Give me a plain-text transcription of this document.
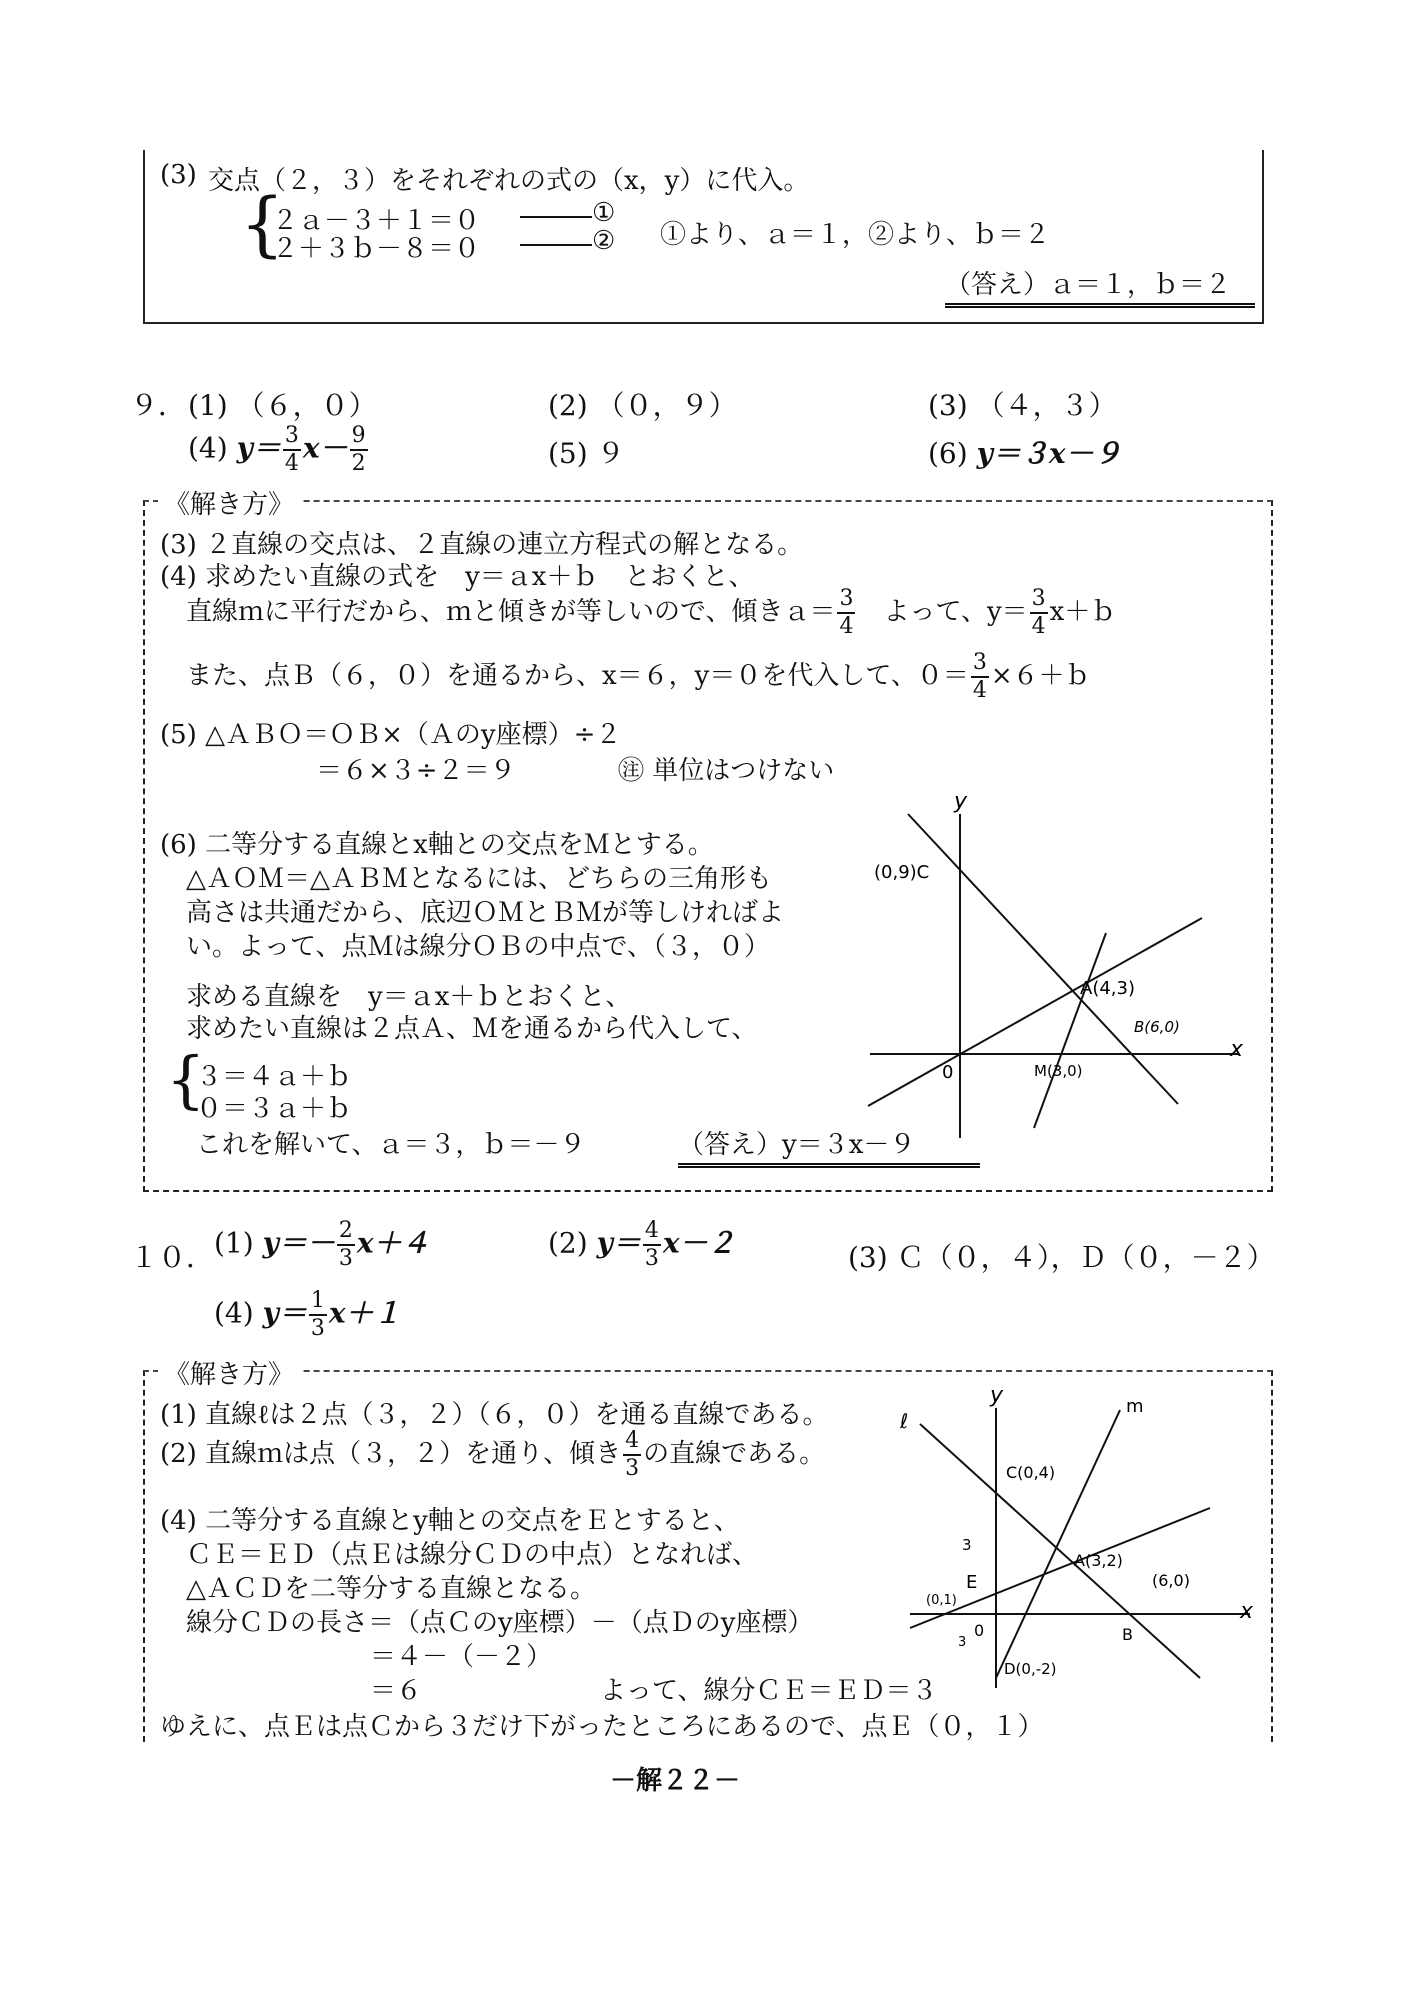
(3) 交点（２，３）をそれぞれの式の（x，y）に代入。
{
２ａ－３＋１＝０	①
２＋３ｂ－８＝０	② ①より、ａ＝１，②より、ｂ＝２
（答え）ａ＝１，ｂ＝２
９． (1) （６，０）	(2) （０，９）	(3) （４，３）
(4) $y= \frac{3}{4} x- \frac{9}{2}$	(5) ９	(6) y＝３x－９
《解き方》
(3) ２直線の交点は、２直線の連立方程式の解となる。
(4) 求めたい直線の式を　y＝ａx＋ｂ　とおくと、
直線ｍに平行だから、ｍと傾きが等しいので、傾きａ＝ $\frac{3}{4}$ 　よって、$y= \frac{3}{4}$ x＋ｂ
また、点Ｂ（６，０）を通るから、x＝６，y＝０を代入して、$0= \frac{3}{4}$ ×６＋ｂ
(5) △ＡＢＯ＝ＯＢ×（Ａのy座標）÷２
＝６×３÷２＝９	㊟ 単位はつけない
(6) 二等分する直線とx軸との交点をＭとする。
△ＡＯＭ＝△ＡＢＭとなるには、どちらの三角形も
高さは共通だから、底辺ＯＭとＢＭが等しければよ
い。よって、点Ｍは線分ＯＢの中点で、（３，０）
求める直線を　y＝ａx＋ｂとおくと、
求めたい直線は２点Ａ、Ｍを通るから代入して、
{
３＝４ａ＋ｂ
０＝３ａ＋ｂ
これを解いて、ａ＝３，ｂ＝－９	（答え）y＝３x－９
y
x
(0,9)C
A(4,3)
B(6,0)
0	M(3,0)
１０． (1) $y=- \frac{2}{3} x+4$	(2) $y= \frac{4}{3} x-2$	(3) Ｃ（０，４），Ｄ（０，－２）
(4) $y= \frac{1}{3} x+1$
《解き方》
(1) 直線ℓは２点（３，２）（６，０）を通る直線である。
(2) 直線ｍは点（３，２）を通り、傾き $\frac{4}{3}$ の直線である。
(4) 二等分する直線とy軸との交点をＥとすると、
ＣＥ＝ＥＤ（点Ｅは線分ＣＤの中点）となれば、
△ＡＣＤを二等分する直線となる。
線分ＣＤの長さ＝（点Ｃのy座標）－（点Ｄのy座標）
＝４－（－２）
＝６	よって、線分ＣＥ＝ＥＤ＝３
ゆえに、点Ｅは点Ｃから３だけ下がったところにあるので、点Ｅ（０，１）
y
x
ℓ
m
C(0,4)
A(3,2)
(6,0)
B
E
(0,1)
0
D(0,-2)
3
3
－解２２－
